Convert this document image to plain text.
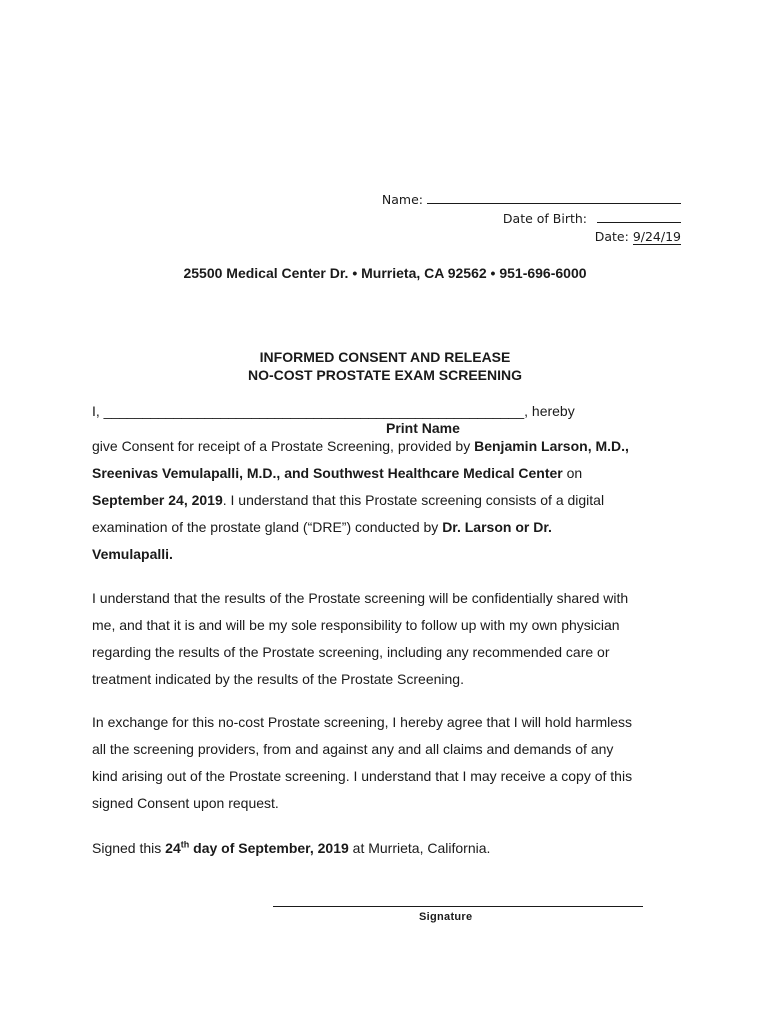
Name:
Date of Birth:
Date: 9/24/19
25500 Medical Center Dr. • Murrieta, CA 92562 • 951-696-6000
INFORMED CONSENT AND RELEASE
NO-COST PROSTATE EXAM SCREENING
I, ______________________________________________________, hereby
Print Name
give Consent for receipt of a Prostate Screening, provided by Benjamin Larson, M.D.,
Sreenivas Vemulapalli, M.D., and Southwest Healthcare Medical Center on
September 24, 2019. I understand that this Prostate screening consists of a digital
examination of the prostate gland (“DRE”) conducted by Dr. Larson or Dr.
Vemulapalli.
I understand that the results of the Prostate screening will be confidentially shared with
me, and that it is and will be my sole responsibility to follow up with my own physician
regarding the results of the Prostate screening, including any recommended care or
treatment indicated by the results of the Prostate Screening.
In exchange for this no-cost Prostate screening, I hereby agree that I will hold harmless
all the screening providers, from and against any and all claims and demands of any
kind arising out of the Prostate screening. I understand that I may receive a copy of this
signed Consent upon request.
Signed this 24th day of September, 2019 at Murrieta, California.
Signature
